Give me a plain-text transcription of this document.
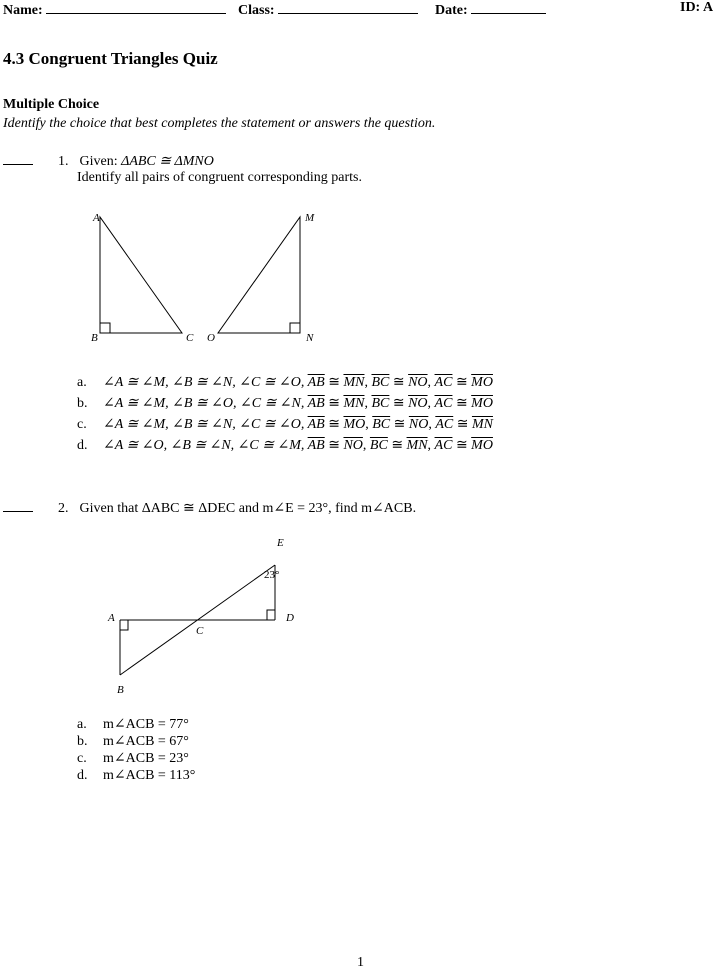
Name:	Class:	Date:	ID: A
4.3 Congruent Triangles Quiz
Multiple Choice
Identify the choice that best completes the statement or answers the question.
1. Given: ΔABC ≅ ΔMNO
Identify all pairs of congruent corresponding parts.
A
B	C
M
N
O
a. ∠A ≅ ∠M, ∠B ≅ ∠N, ∠C ≅ ∠O, $\overline{AB}$ ≅ $\overline{MN}$, $\overline{BC}$ ≅ $\overline{NO}$, $\overline{AC}$ ≅ $\overline{MO}$
b. ∠A ≅ ∠M, ∠B ≅ ∠O, ∠C ≅ ∠N, $\overline{AB}$ ≅ $\overline{MN}$, $\overline{BC}$ ≅ $\overline{NO}$, $\overline{AC}$ ≅ $\overline{MO}$
c. ∠A ≅ ∠M, ∠B ≅ ∠N, ∠C ≅ ∠O, $\overline{AB}$ ≅ $\overline{MO}$, $\overline{BC}$ ≅ $\overline{NO}$, $\overline{AC}$ ≅ $\overline{MN}$
d. ∠A ≅ ∠O, ∠B ≅ ∠N, ∠C ≅ ∠M, $\overline{AB}$ ≅ $\overline{NO}$, $\overline{BC}$ ≅ $\overline{MN}$, $\overline{AC}$ ≅ $\overline{MO}$
2. Given that ΔABC ≅ ΔDEC and m∠E = 23°, find m∠ACB.
E
23°
A	D
C
B
a. m∠ACB = 77°
b. m∠ACB = 67°
c. m∠ACB = 23°
d. m∠ACB = 113°
1
